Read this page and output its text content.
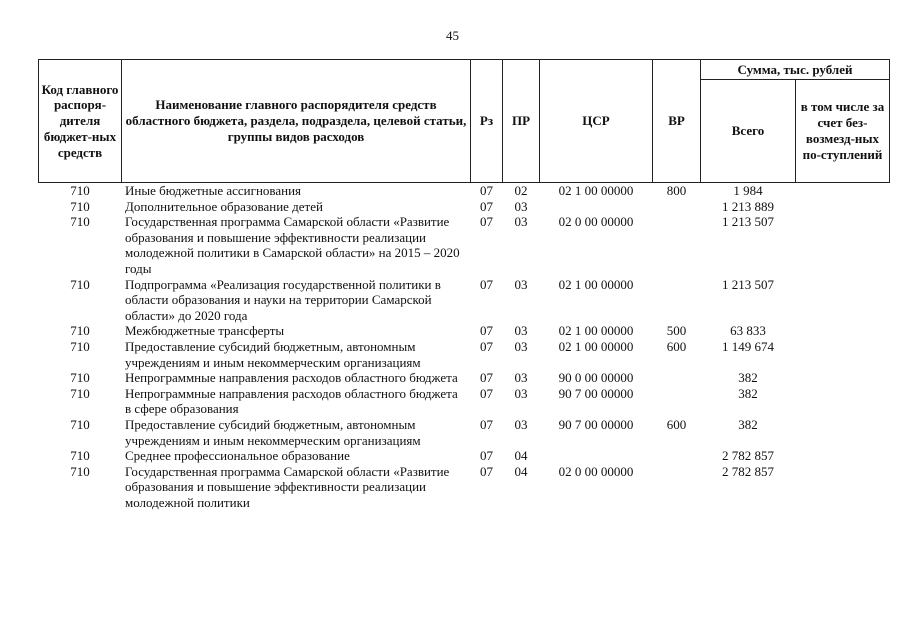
45
Код главного распоря-дителя бюджет-ных средств	Наименование главного распорядителя средств областного бюджета, раздела, подраздела, целевой статьи, группы видов расходов	Рз	ПР	ЦСР	ВР	Сумма, тыс. рублей	
						Всего	в том числе за счет без-возмезд-ных по-ступлений
710	Иные бюджетные ассигнования	07	02	02 1 00 00000	800	1 984	
710	Дополнительное образование детей	07	03			1 213 889	
710	Государственная программа Самарской области «Развитие образования и повышение эффективности реализации молодежной политики в Самарской области» на 2015 – 2020 годы	07	03	02 0 00 00000		1 213 507	
710	Подпрограмма «Реализация государственной политики в области образования и науки на территории Самарской области» до 2020 года	07	03	02 1 00 00000		1 213 507	
710	Межбюджетные трансферты	07	03	02 1 00 00000	500	63 833	
710	Предоставление субсидий бюджетным, автономным учреждениям и иным некоммерческим организациям	07	03	02 1 00 00000	600	1 149 674	
710	Непрограммные направления расходов областного бюджета	07	03	90 0 00 00000		382	
710	Непрограммные направления расходов областного бюджета в сфере образования	07	03	90 7 00 00000		382	
710	Предоставление субсидий бюджетным, автономным учреждениям и иным некоммерческим организациям	07	03	90 7 00 00000	600	382	
710	Среднее профессиональное образование	07	04			2 782 857	
710	Государственная программа Самарской области «Развитие образования и повышение эффективности реализации молодежной политики	07	04	02 0 00 00000		2 782 857	
